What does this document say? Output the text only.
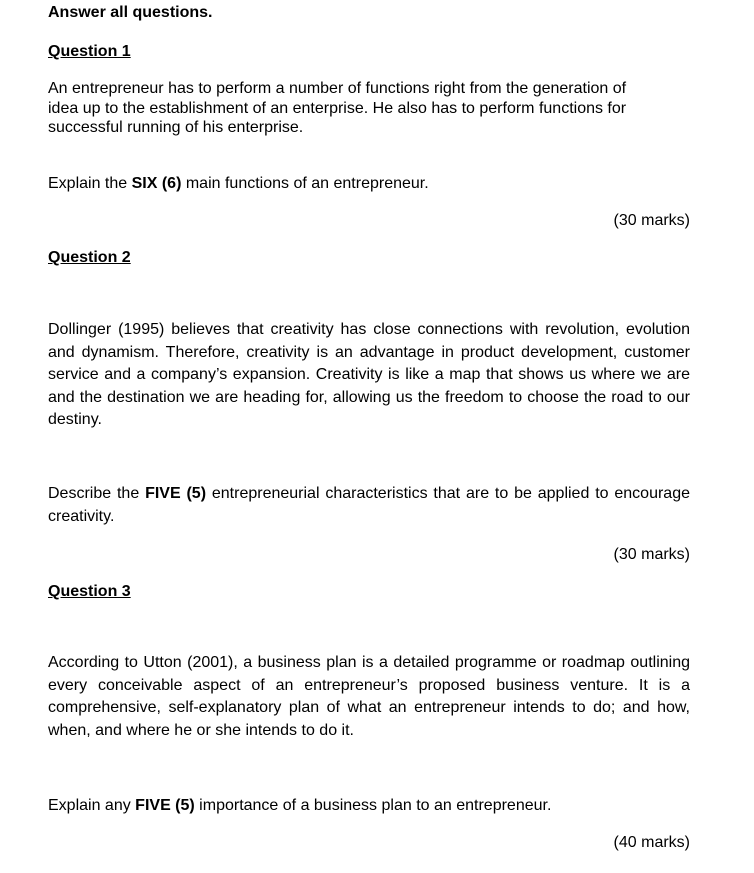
Answer all questions.
Question 1
An entrepreneur has to perform a number of functions right from the generation of
idea up to the establishment of an enterprise. He also has to perform functions for
successful running of his enterprise.
Explain the SIX (6) main functions of an entrepreneur.
(30 marks)
Question 2
Dollinger (1995) believes that creativity has close connections with revolution, evolution and dynamism. Therefore, creativity is an advantage in product development, customer service and a company’s expansion. Creativity is like a map that shows us where we are and the destination we are heading for, allowing us the freedom to choose the road to our destiny.
Describe the FIVE (5) entrepreneurial characteristics that are to be applied to encourage creativity.
(30 marks)
Question 3
According to Utton (2001), a business plan is a detailed programme or roadmap outlining every conceivable aspect of an entrepreneur’s proposed business venture. It is a comprehensive, self-explanatory plan of what an entrepreneur intends to do; and how, when, and where he or she intends to do it.
Explain any FIVE (5) importance of a business plan to an entrepreneur.
(40 marks)
